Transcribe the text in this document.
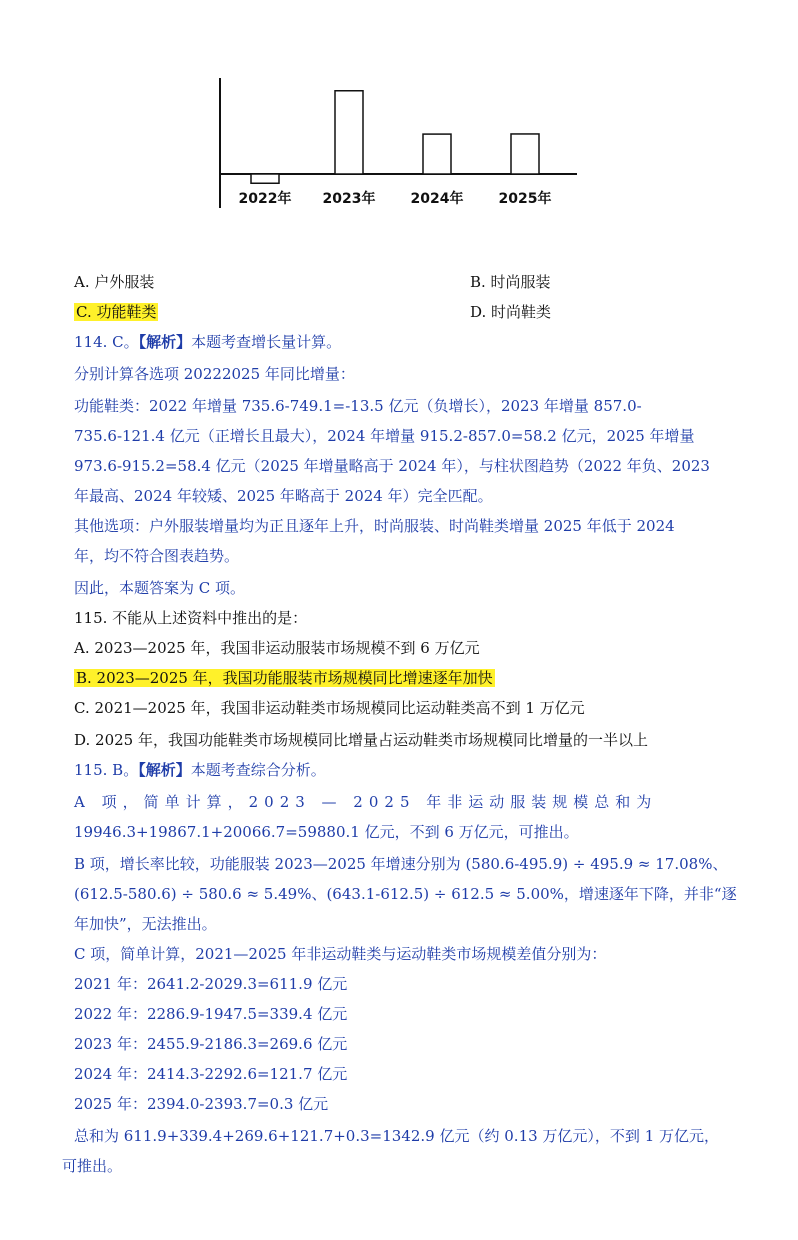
2022年 2023年	2024年	2025年
A. 户外服装	B. 时尚服装
C. 功能鞋类	D. 时尚鞋类
114. C。【解析】本题考查增长量计算。
分别计算各选项 20222025 年同比增量：
功能鞋类：2022 年增量 735.6-749.1=-13.5 亿元（负增长），2023 年增量 857.0-
735.6-121.4 亿元（正增长且最大），2024 年增量 915.2-857.0=58.2 亿元，2025 年增量
973.6-915.2=58.4 亿元（2025 年增量略高于 2024 年），与柱状图趋势（2022 年负、2023
年最高、2024 年较矮、2025 年略高于 2024 年）完全匹配。
其他选项：户外服装增量均为正且逐年上升，时尚服装、时尚鞋类增量 2025 年低于 2024
年，均不符合图表趋势。
因此，本题答案为 C 项。
115. 不能从上述资料中推出的是：
A. 2023—2025 年，我国非运动服装市场规模不到 6 万亿元
B. 2023—2025 年，我国功能服装市场规模同比增速逐年加快
C. 2021—2025 年，我国非运动鞋类市场规模同比运动鞋类高不到 1 万亿元
D. 2025 年，我国功能鞋类市场规模同比增量占运动鞋类市场规模同比增量的一半以上
115. B。【解析】本题考查综合分析。
A 项，简单计算，2023 — 2025 年非运动服装规模总和为
19946.3+19867.1+20066.7=59880.1 亿元，不到 6 万亿元，可推出。
B 项，增长率比较，功能服装 2023—2025 年增速分别为 (580.6-495.9) ÷ 495.9 ≈ 17.08%、
(612.5-580.6) ÷ 580.6 ≈ 5.49%、(643.1-612.5) ÷ 612.5 ≈ 5.00%，增速逐年下降，并非“逐
年加快”，无法推出。
C 项，简单计算，2021—2025 年非运动鞋类与运动鞋类市场规模差值分别为：
2021 年：2641.2-2029.3=611.9 亿元
2022 年：2286.9-1947.5=339.4 亿元
2023 年：2455.9-2186.3=269.6 亿元
2024 年：2414.3-2292.6=121.7 亿元
2025 年：2394.0-2393.7=0.3 亿元
总和为 611.9+339.4+269.6+121.7+0.3=1342.9 亿元（约 0.13 万亿元），不到 1 万亿元，
可推出。
